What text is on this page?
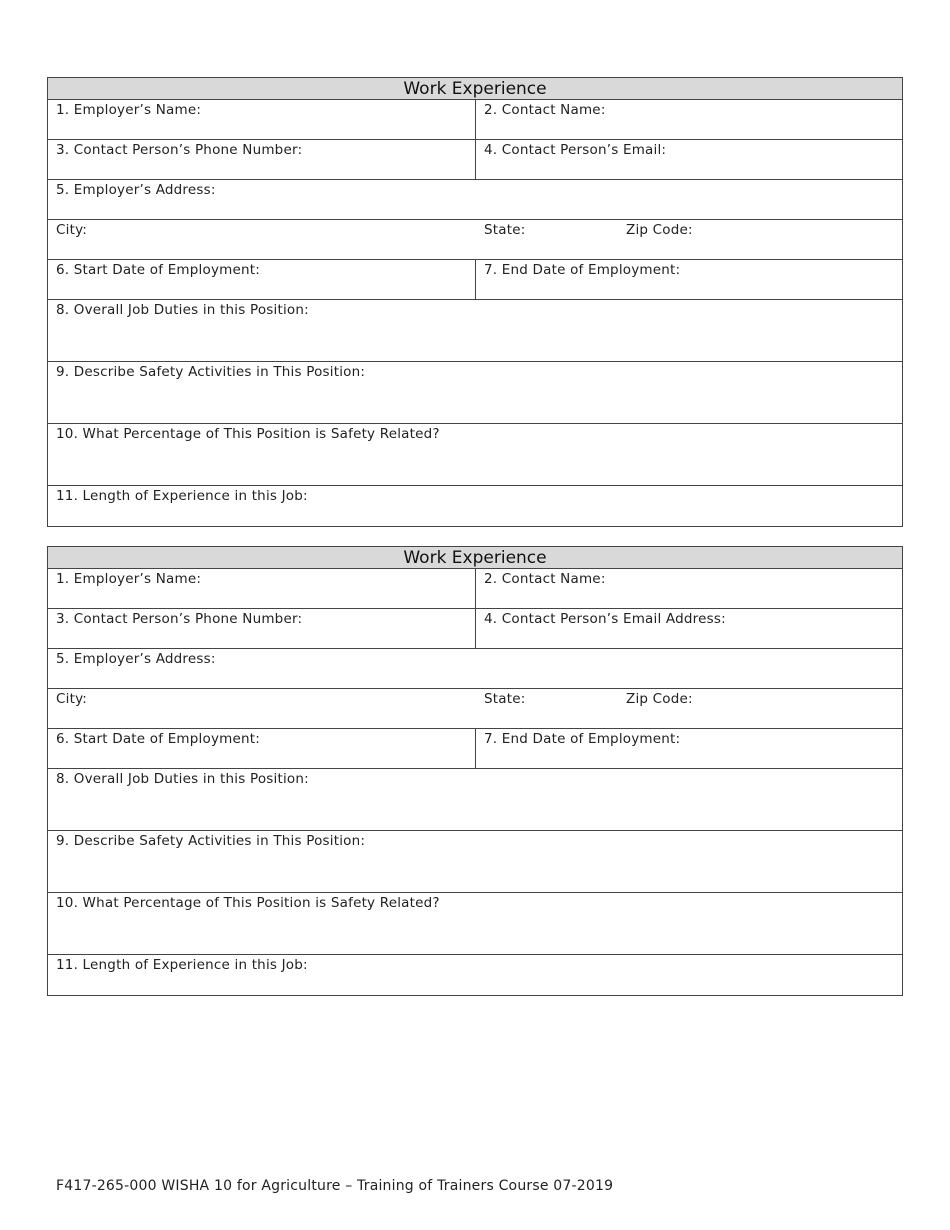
Work Experience
1. Employer’s Name:	2. Contact Name:
3. Contact Person’s Phone Number:	4. Contact Person’s Email:
5. Employer’s Address:
City:	State:	Zip Code:
6. Start Date of Employment:	7. End Date of Employment:
8. Overall Job Duties in this Position:
9. Describe Safety Activities in This Position:
10. What Percentage of This Position is Safety Related?
11. Length of Experience in this Job:
Work Experience
1. Employer’s Name:	2. Contact Name:
3. Contact Person’s Phone Number:	4. Contact Person’s Email Address:
5. Employer’s Address:
City:	State:	Zip Code:
6. Start Date of Employment:	7. End Date of Employment:
8. Overall Job Duties in this Position:
9. Describe Safety Activities in This Position:
10. What Percentage of This Position is Safety Related?
11. Length of Experience in this Job:
F417-265-000 WISHA 10 for Agriculture – Training of Trainers Course 07-2019
